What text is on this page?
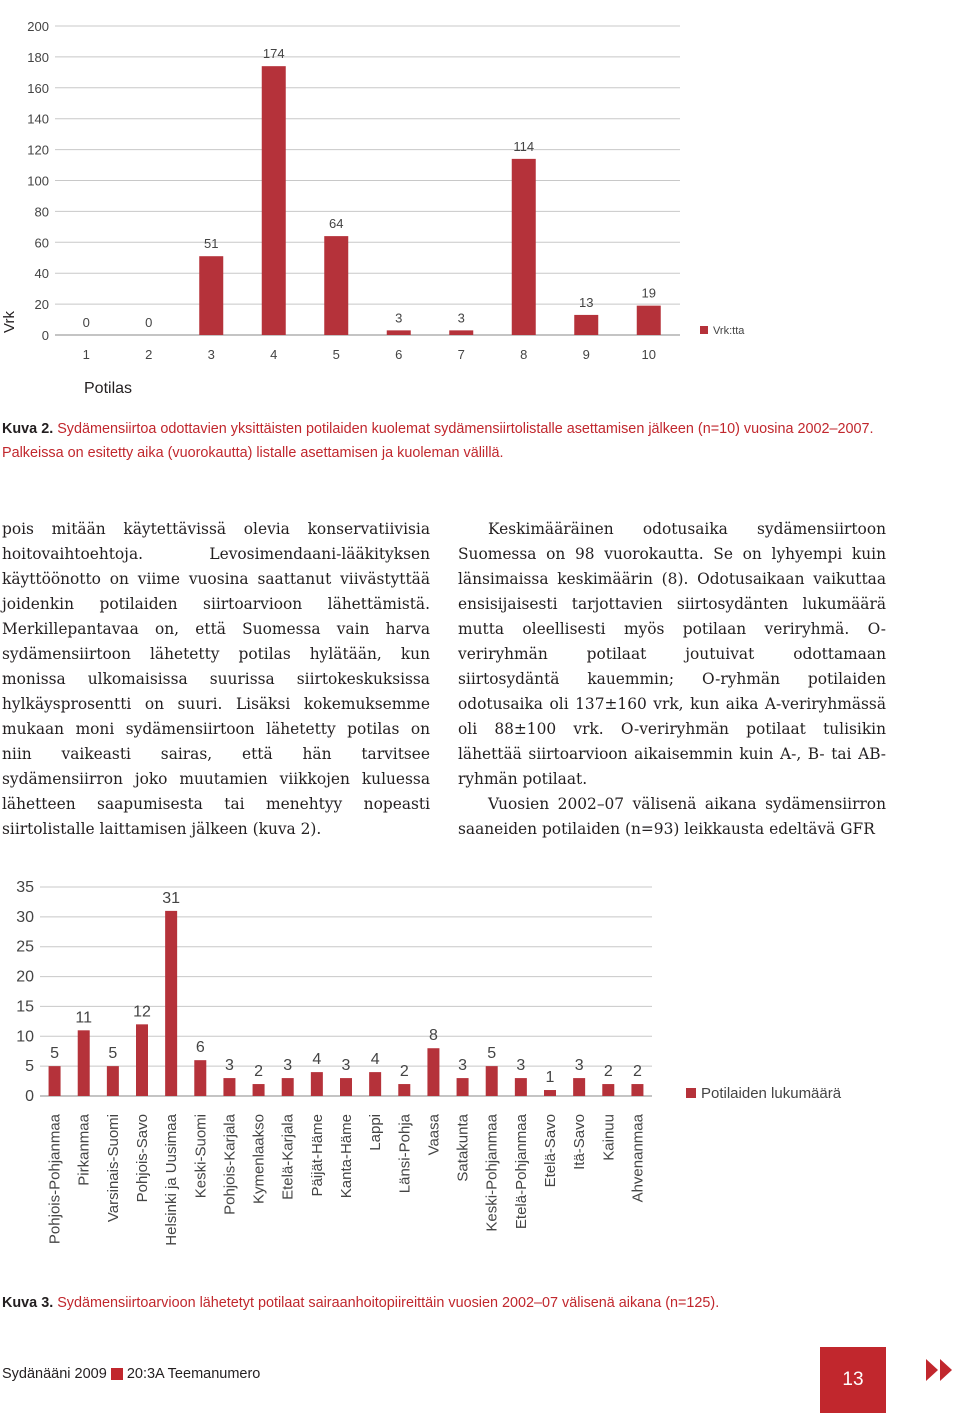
0
20
40
60
80
100
120
140
160
180
200
0
1
0
2
51
3
174
4
64
5
3
6
3
7
114
8
13
9
19
10
Vrk:tta
Vrk
Potilas
Kuva 2. Sydämensiirtoa odottavien yksittäisten potilaiden kuolemat sydämensiirtolistalle asettamisen jälkeen (n=10) vuosina 2002–2007. Palkeissa on esitetty aika (vuorokautta) listalle asettamisen ja kuoleman välillä.

pois mitään käytettävissä olevia konservatiivisia hoitovaihtoehtoja. Levosimendaani-lääkityksen käyttöönotto on viime vuosina saattanut viivästyttää joidenkin potilaiden siirtoarvioon lähettämistä. Merkillepantavaa on, että Suomessa vain harva sydämensiirtoon lähetetty potilas hylätään, kun monissa ulkomaisissa suurissa siirtokeskuksissa hylkäysprosentti on suuri. Lisäksi kokemuksemme mukaan moni sydämensiirtoon lähetetty potilas on niin vaikeasti sairas, että hän tarvitsee sydämensiirron joko muutamien viikkojen kuluessa lähetteen saapumisesta tai menehtyy nopeasti siirtolistalle laittamisen jälkeen (kuva 2).

Keskimääräinen odotusaika sydämensiirtoon Suomessa on 98 vuorokautta. Se on lyhyempi kuin länsimaissa keskimäärin (8). Odotusaikaan vaikuttaa ensisijaisesti tarjottavien siirtosydänten lukumäärä mutta oleellisesti myös potilaan veriryhmä. O-veriryhmän potilaat joutuivat odottamaan siirtosydäntä kauemmin; O-ryhmän potilaiden odotusaika oli 137±160 vrk, kun aika A-veriryhmässä oli 88±100 vrk. O-veriryhmän potilaat tulisikin lähettää siirtoarvioon aikaisemmin kuin A-, B- tai AB-ryhmän potilaat.

Vuosien 2002–07 välisenä aikana sydämensiirron saaneiden potilaiden (n=93) leikkausta edeltävä GFR

0
5
10
15
20
25
30
35
5
Pohjois-Pohjanmaa
11
Pirkanmaa
5
Varsinais-Suomi
12
Pohjois-Savo
31
Helsinki ja Uusimaa
6
Keski-Suomi
3
Pohjois-Karjala
2
Kymenlaakso
3
Etelä-Karjala
4
Päijät-Häme
3
Kanta-Häme
4
Lappi
2
Länsi-Pohja
8
Vaasa
3
Satakunta
5
Keski-Pohjanmaa
3
Etelä-Pohjanmaa
1
Etelä-Savo
3
Itä-Savo
2
Kainuu
2
Ahvenanmaa
Potilaiden lukumäärä
Kuva 3. Sydämensiirtoarvioon lähetetyt potilaat sairaanhoitopiireittäin vuosien 2002–07 välisenä aikana (n=125).
Sydänääni 2009 20:3A Teemanumero	13
